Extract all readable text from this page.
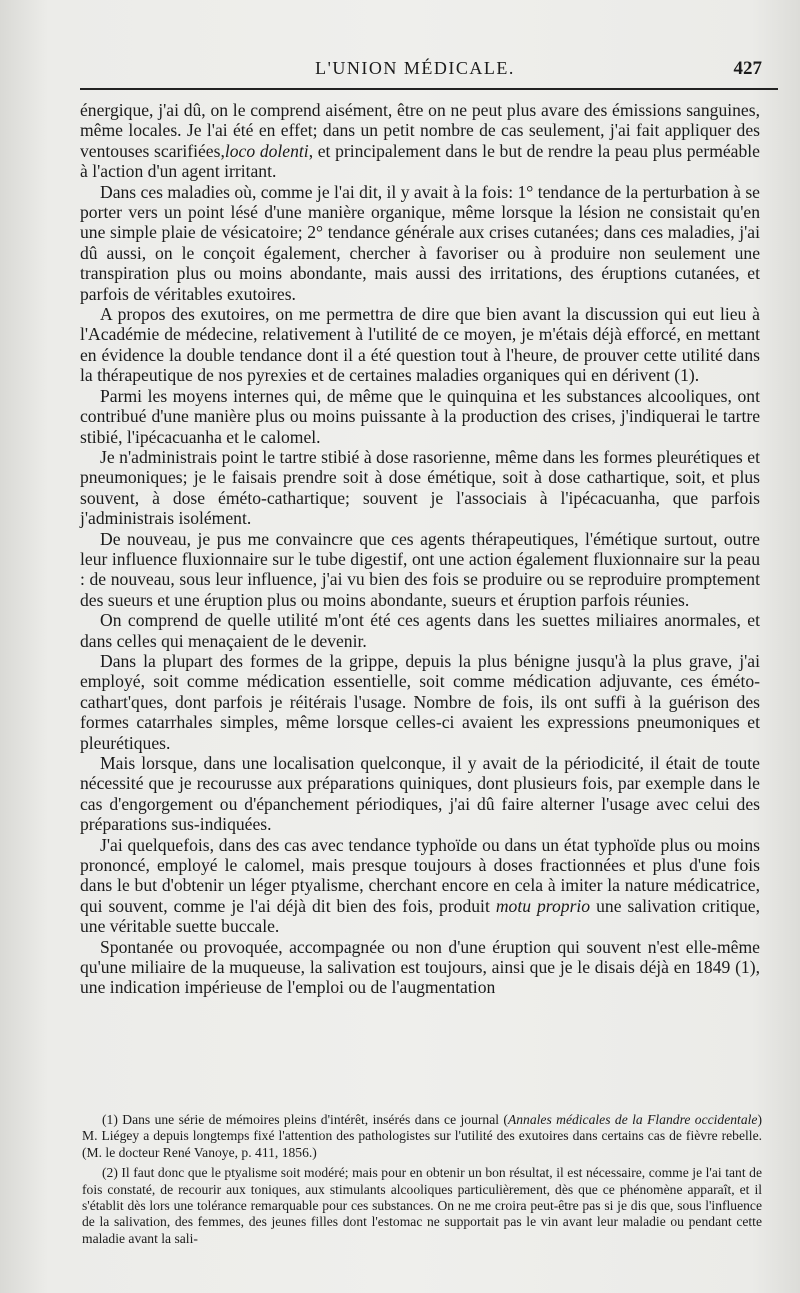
L'UNION MÉDICALE.	427

énergique, j'ai dû, on le comprend aisément, être on ne peut plus avare des émissions sanguines, même locales. Je l'ai été en effet; dans un petit nombre de cas seulement, j'ai fait appliquer des ventouses scarifiées,loco dolenti, et principalement dans le but de rendre la peau plus perméable à l'action d'un agent irritant.

Dans ces maladies où, comme je l'ai dit, il y avait à la fois: 1° tendance de la perturbation à se porter vers un point lésé d'une manière organique, même lorsque la lésion ne consistait qu'en une simple plaie de vésicatoire; 2° tendance générale aux crises cutanées; dans ces maladies, j'ai dû aussi, on le conçoit également, chercher à favoriser ou à produire non seulement une transpiration plus ou moins abondante, mais aussi des irritations, des éruptions cutanées, et parfois de véritables exutoires.

A propos des exutoires, on me permettra de dire que bien avant la discussion qui eut lieu à l'Académie de médecine, relativement à l'utilité de ce moyen, je m'étais déjà efforcé, en mettant en évidence la double tendance dont il a été question tout à l'heure, de prouver cette utilité dans la thérapeutique de nos pyrexies et de certaines maladies organiques qui en dérivent (1).

Parmi les moyens internes qui, de même que le quinquina et les substances alcooliques, ont contribué d'une manière plus ou moins puissante à la production des crises, j'indiquerai le tartre stibié, l'ipécacuanha et le calomel.

Je n'administrais point le tartre stibié à dose rasorienne, même dans les formes pleurétiques et pneumoniques; je le faisais prendre soit à dose émétique, soit à dose cathartique, soit, et plus souvent, à dose éméto-cathartique; souvent je l'associais à l'ipécacuanha, que parfois j'administrais isolément.

De nouveau, je pus me convaincre que ces agents thérapeutiques, l'émétique surtout, outre leur influence fluxionnaire sur le tube digestif, ont une action également fluxionnaire sur la peau : de nouveau, sous leur influence, j'ai vu bien des fois se produire ou se reproduire promptement des sueurs et une éruption plus ou moins abondante, sueurs et éruption parfois réunies.

On comprend de quelle utilité m'ont été ces agents dans les suettes miliaires anormales, et dans celles qui menaçaient de le devenir.

Dans la plupart des formes de la grippe, depuis la plus bénigne jusqu'à la plus grave, j'ai employé, soit comme médication essentielle, soit comme médication adjuvante, ces éméto-cathart'ques, dont parfois je réitérais l'usage. Nombre de fois, ils ont suffi à la guérison des formes catarrhales simples, même lorsque celles-ci avaient les expressions pneumoniques et pleurétiques.

Mais lorsque, dans une localisation quelconque, il y avait de la périodicité, il était de toute nécessité que je recourusse aux préparations quiniques, dont plusieurs fois, par exemple dans le cas d'engorgement ou d'épanchement périodiques, j'ai dû faire alterner l'usage avec celui des préparations sus-indiquées.

J'ai quelquefois, dans des cas avec tendance typhoïde ou dans un état typhoïde plus ou moins prononcé, employé le calomel, mais presque toujours à doses fractionnées et plus d'une fois dans le but d'obtenir un léger ptyalisme, cherchant encore en cela à imiter la nature médicatrice, qui souvent, comme je l'ai déjà dit bien des fois, produit motu proprio une salivation critique, une véritable suette buccale.

Spontanée ou provoquée, accompagnée ou non d'une éruption qui souvent n'est elle-même qu'une miliaire de la muqueuse, la salivation est toujours, ainsi que je le disais déjà en 1849 (1), une indication impérieuse de l'emploi ou de l'augmentation

(1) Dans une série de mémoires pleins d'intérêt, insérés dans ce journal (Annales médicales de la Flandre occidentale) M. Liégey a depuis longtemps fixé l'attention des pathologistes sur l'utilité des exutoires dans certains cas de fièvre rebelle. (M. le docteur René Vanoye, p. 411, 1856.)

(2) Il faut donc que le ptyalisme soit modéré; mais pour en obtenir un bon résultat, il est nécessaire, comme je l'ai tant de fois constaté, de recourir aux toniques, aux stimulants alcooliques particulièrement, dès que ce phénomène apparaît, et il s'établit dès lors une tolérance remarquable pour ces substances. On ne me croira peut-être pas si je dis que, sous l'influence de la salivation, des femmes, des jeunes filles dont l'estomac ne supportait pas le vin avant leur maladie ou pendant cette maladie avant la sali-
